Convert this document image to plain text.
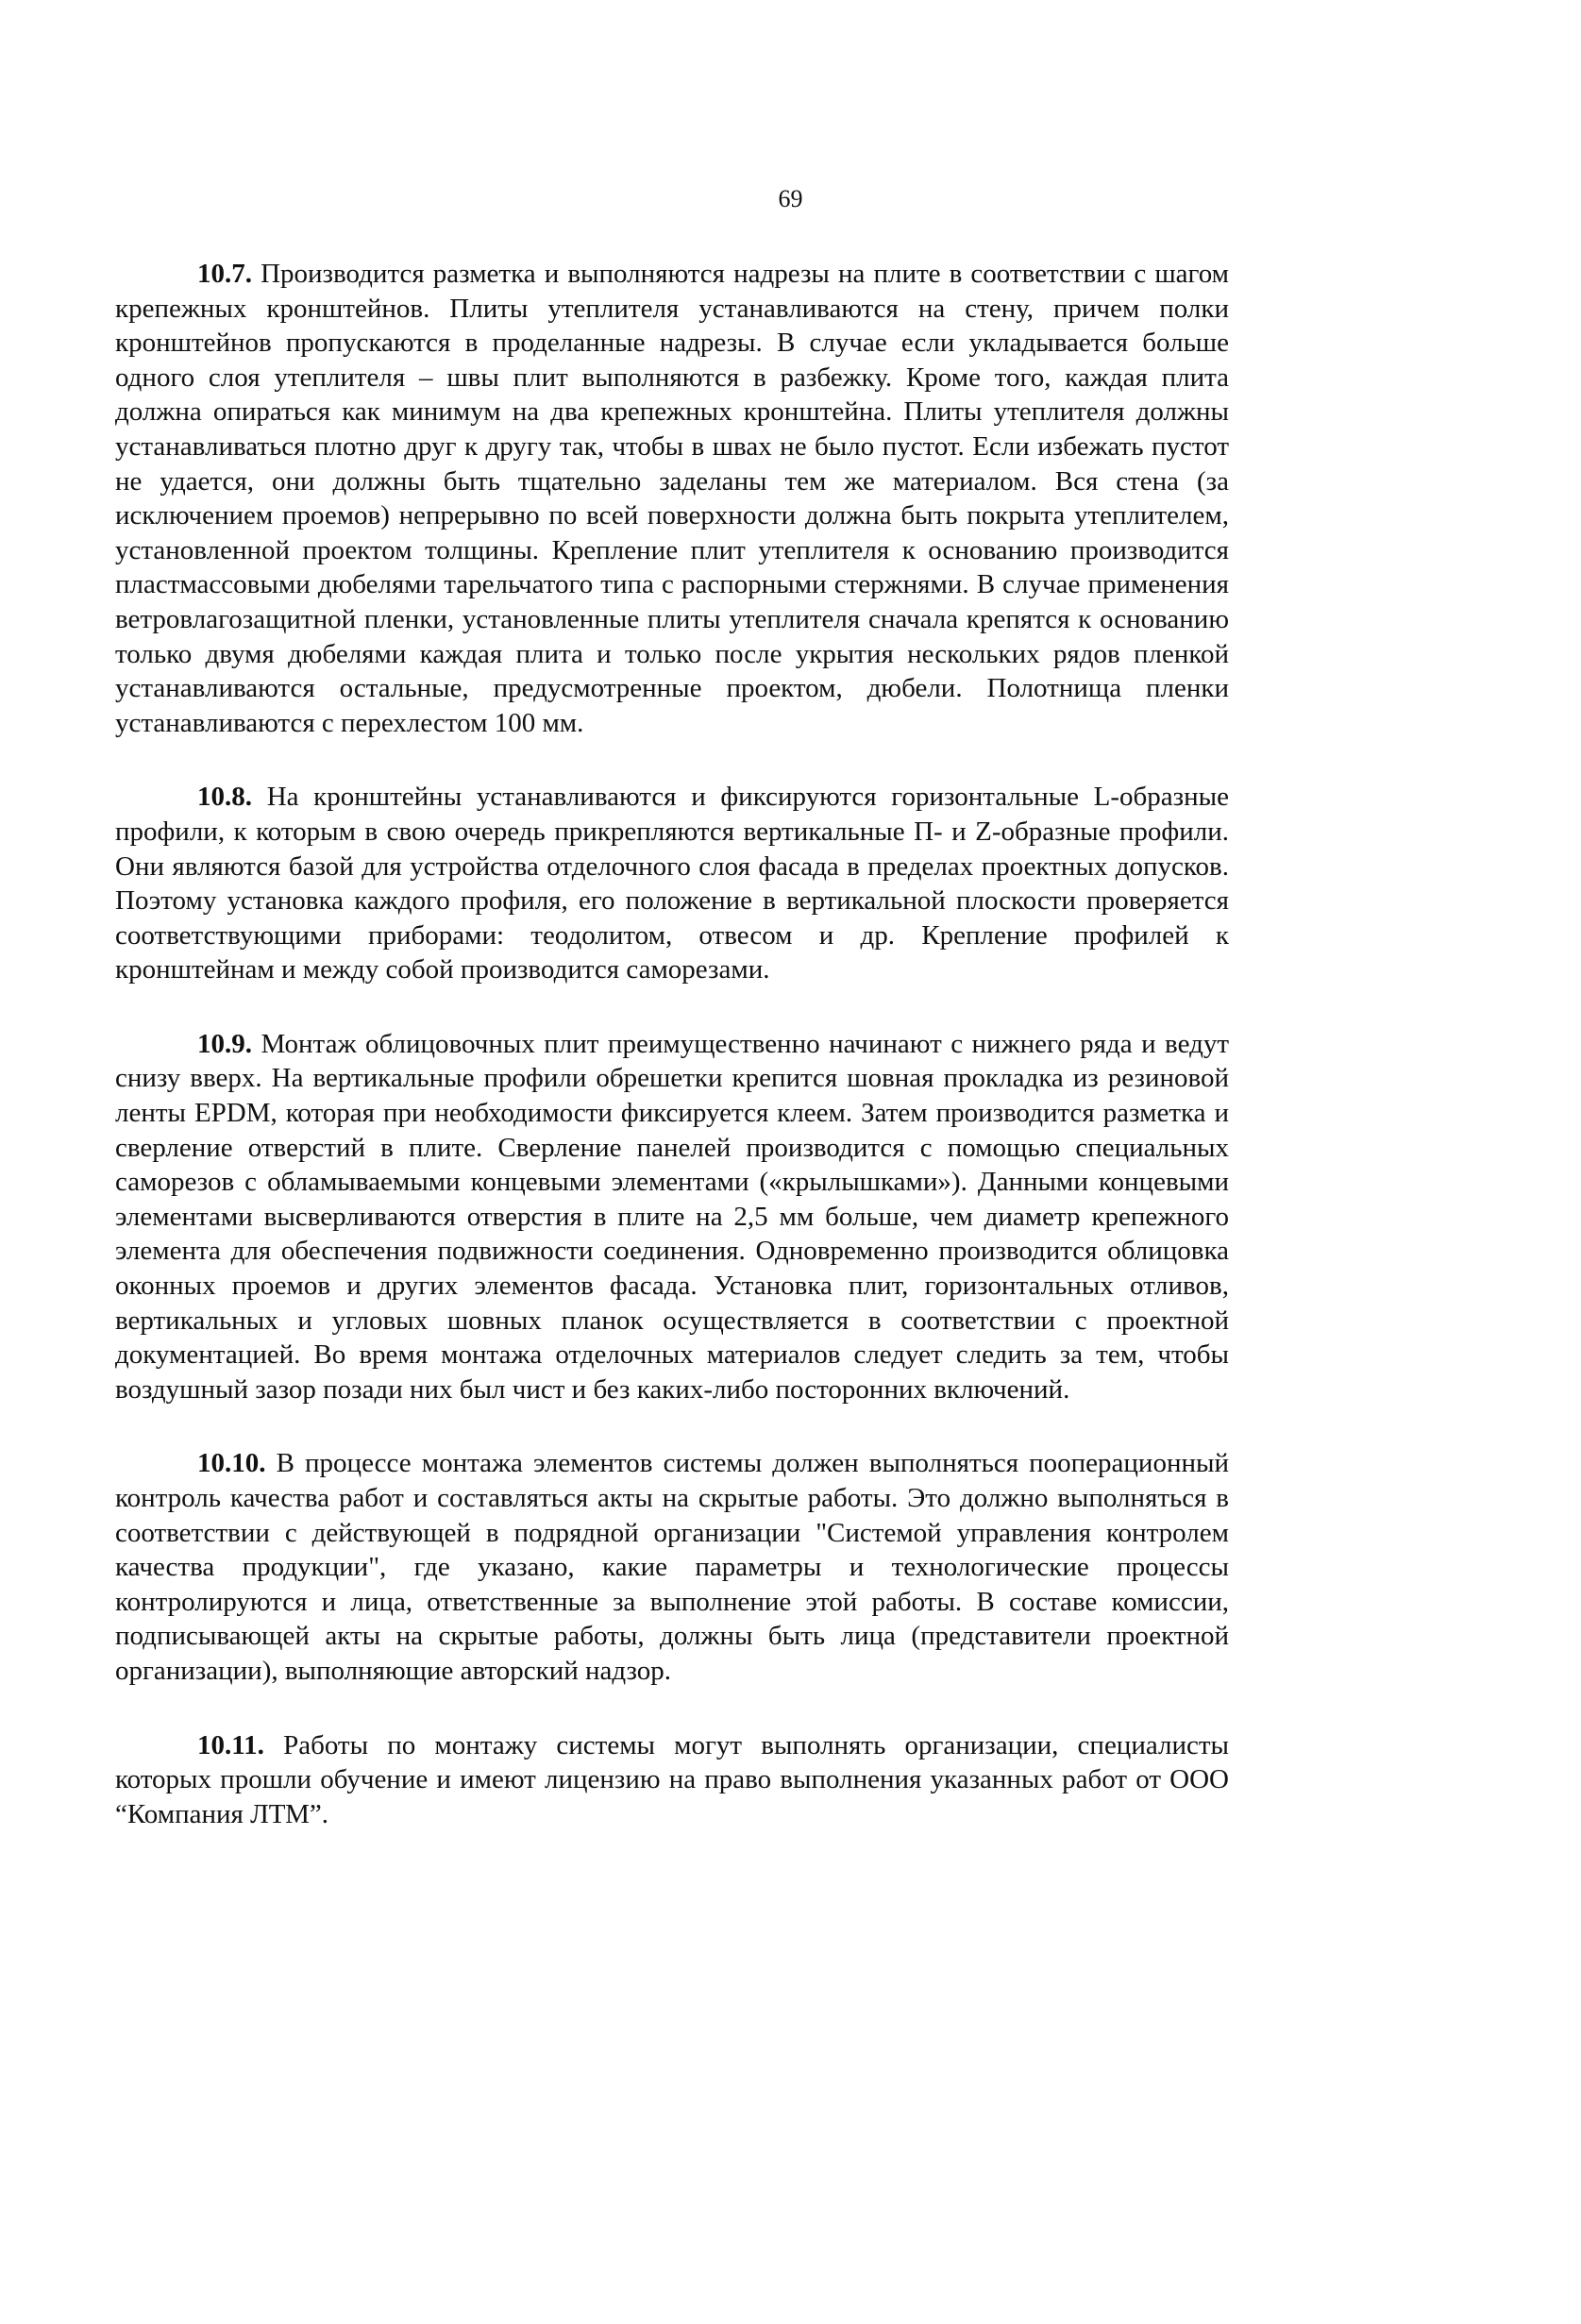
69

10.7. Производится разметка и выполняются надрезы на плите в соответствии с шагом крепежных кронштейнов. Плиты утеплителя устанавливаются на стену, причем полки кронштейнов пропускаются в проделанные надрезы. В случае если укладывается больше одного слоя утеплителя – швы плит выполняются в разбежку. Кроме того, каждая плита должна опираться как минимум на два крепежных кронштейна. Плиты утеплителя должны устанавливаться плотно друг к другу так, чтобы в швах не было пустот. Если избежать пустот не удается, они должны быть тщательно заделаны тем же материалом. Вся стена (за исключением проемов) непрерывно по всей поверхности должна быть покрыта утеплителем, установленной проектом толщины. Крепление плит утеплителя к основанию производится пластмассовыми дюбелями тарельчатого типа с распорными стержнями. В случае применения ветровлагозащитной пленки, установленные плиты утеплителя сначала крепятся к основанию только двумя дюбелями каждая плита и только после укрытия нескольких рядов пленкой устанавливаются остальные, предусмотренные проектом, дюбели. Полотнища пленки устанавливаются с перехлестом 100 мм.

10.8. На кронштейны устанавливаются и фиксируются горизонтальные L-образные профили, к которым в свою очередь прикрепляются вертикальные П- и Z-образные профили. Они являются базой для устройства отделочного слоя фасада в пределах проектных допусков. Поэтому установка каждого профиля, его положение в вертикальной плоскости проверяется соответствующими приборами: теодолитом, отвесом и др. Крепление профилей к кронштейнам и между собой производится саморезами.

10.9. Монтаж облицовочных плит преимущественно начинают с нижнего ряда и ведут снизу вверх. На вертикальные профили обрешетки крепится шовная прокладка из резиновой ленты EPDM, которая при необходимости фиксируется клеем. Затем производится разметка и сверление отверстий в плите. Сверление панелей производится с помощью специальных саморезов с обламываемыми концевыми элементами («крылышками»). Данными концевыми элементами высверливаются отверстия в плите на 2,5 мм больше, чем диаметр крепежного элемента для обеспечения подвижности соединения. Одновременно производится облицовка оконных проемов и других элементов фасада. Установка плит, горизонтальных отливов, вертикальных и угловых шовных планок осуществляется в соответствии с проектной документацией. Во время монтажа отделочных материалов следует следить за тем, чтобы воздушный зазор позади них был чист и без каких-либо посторонних включений.

10.10. В процессе монтажа элементов системы должен выполняться пооперационный контроль качества работ и составляться акты на скрытые работы. Это должно выполняться в соответствии с действующей в подрядной организации "Системой управления контролем качества продукции", где указано, какие параметры и технологические процессы контролируются и лица, ответственные за выполнение этой работы. В составе комиссии, подписывающей акты на скрытые работы, должны быть лица (представители проектной организации), выполняющие авторский надзор.

10.11. Работы по монтажу системы могут выполнять организации, специалисты которых прошли обучение и имеют лицензию на право выполнения указанных работ от ООО “Компания ЛТМ”.
